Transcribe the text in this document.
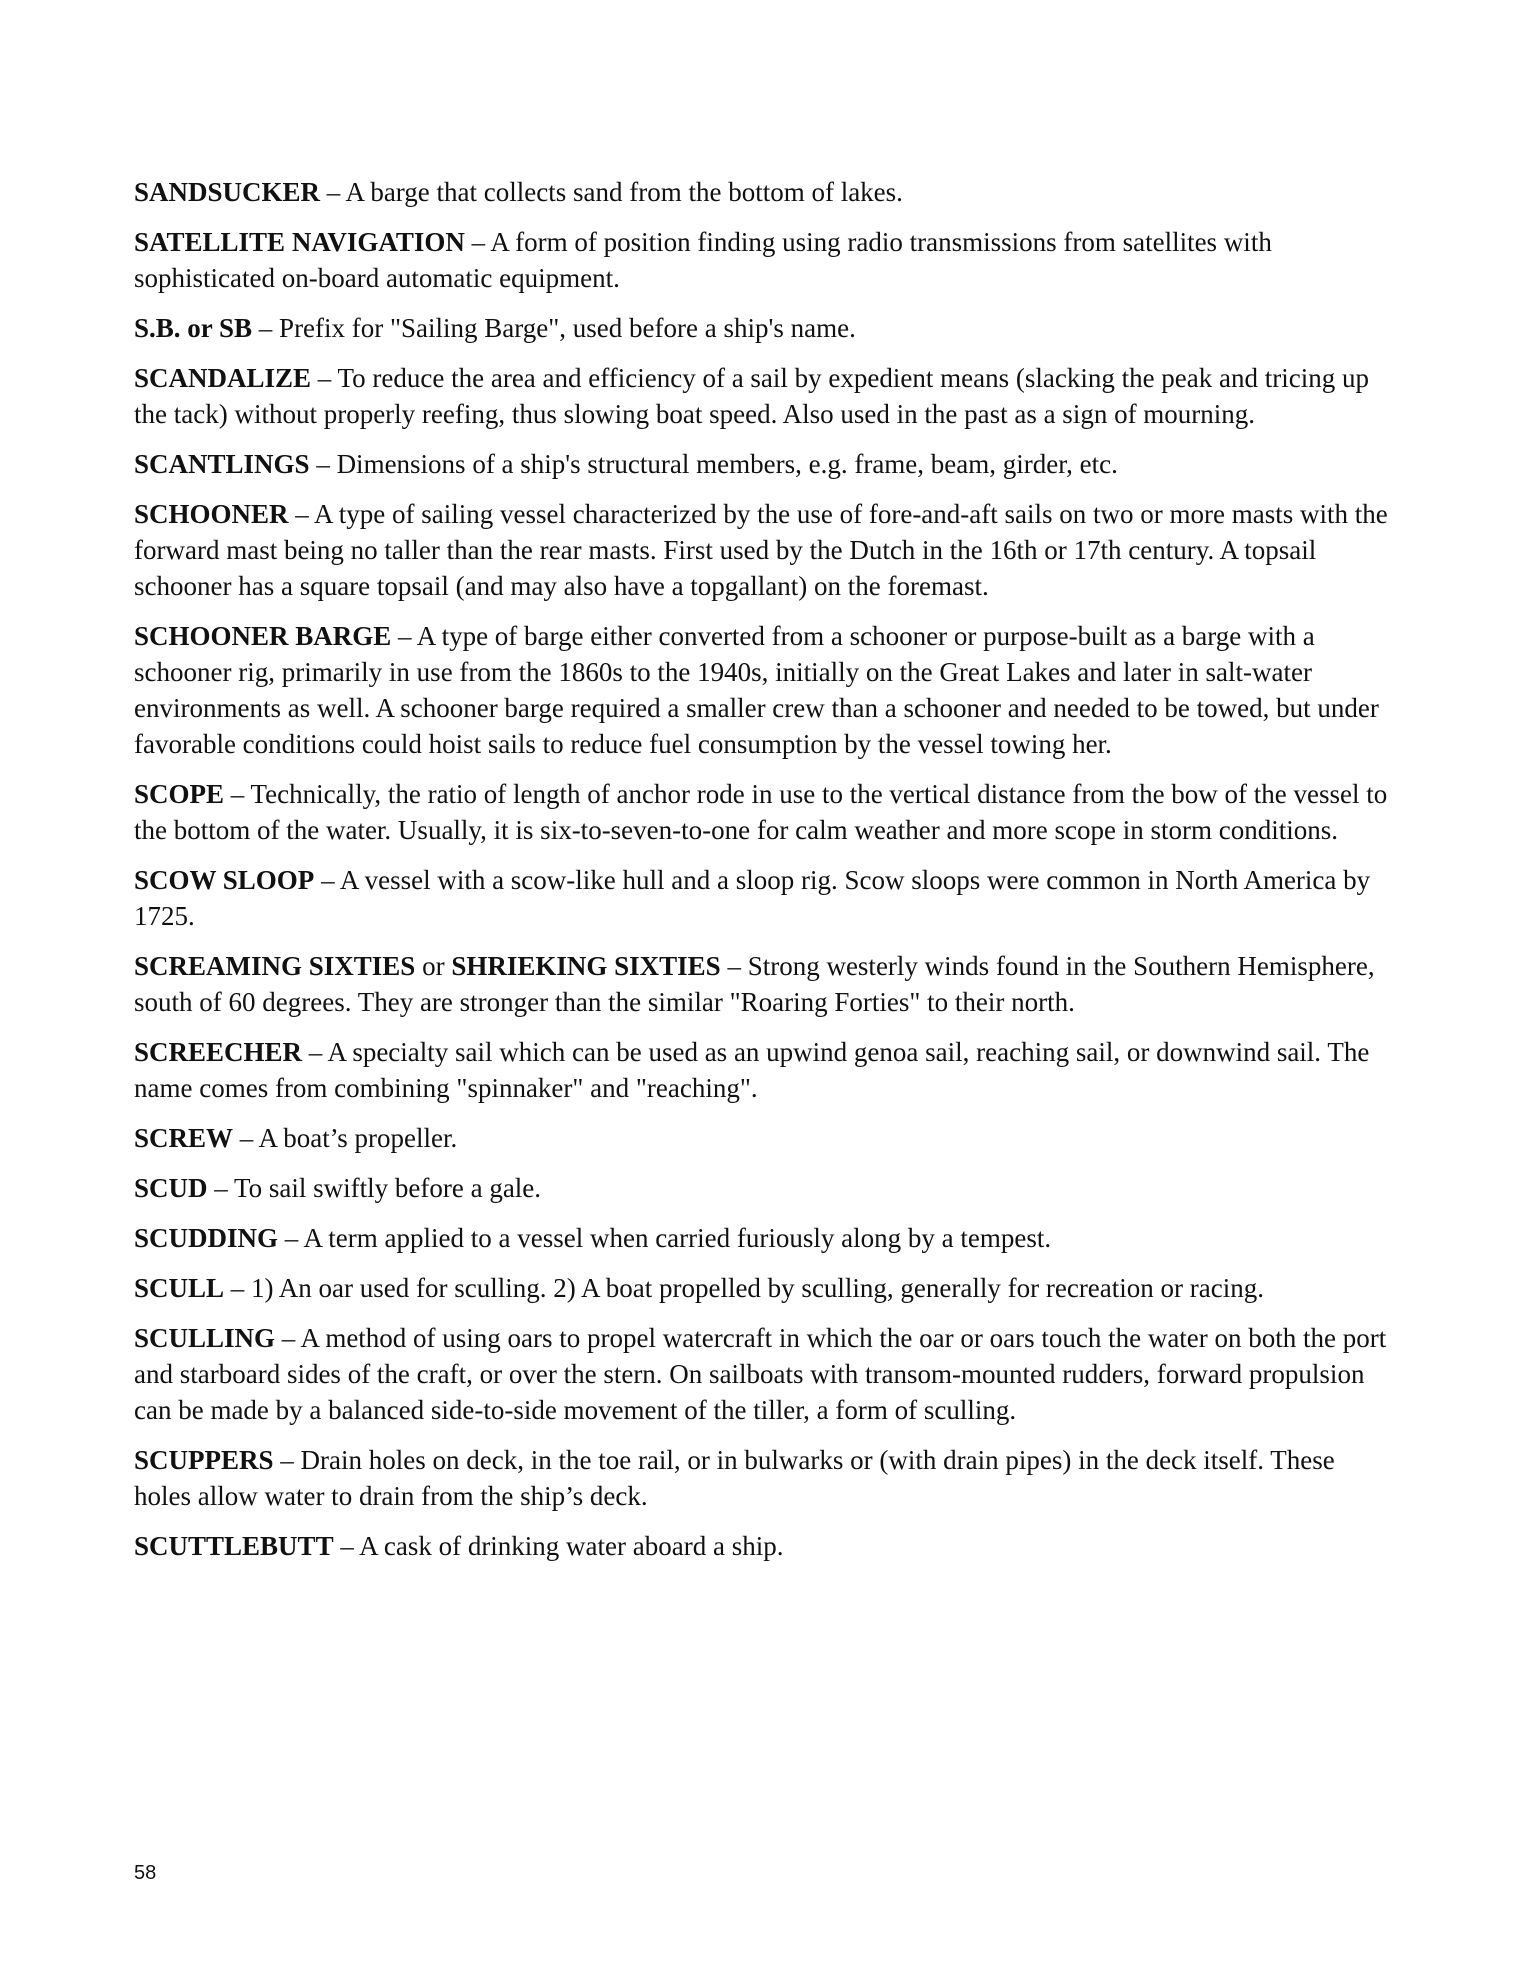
SANDSUCKER – A barge that collects sand from the bottom of lakes.

SATELLITE NAVIGATION – A form of position finding using radio transmissions from satellites with sophisticated on-board automatic equipment.

S.B. or SB – Prefix for "Sailing Barge", used before a ship's name.

SCANDALIZE – To reduce the area and efficiency of a sail by expedient means (slacking the peak and tricing up the tack) without properly reefing, thus slowing boat speed. Also used in the past as a sign of mourning.

SCANTLINGS – Dimensions of a ship's structural members, e.g. frame, beam, girder, etc.

SCHOONER – A type of sailing vessel characterized by the use of fore-and-aft sails on two or more masts with the forward mast being no taller than the rear masts. First used by the Dutch in the 16th or 17th century. A topsail schooner has a square topsail (and may also have a topgallant) on the foremast.

SCHOONER BARGE – A type of barge either converted from a schooner or purpose-built as a barge with a schooner rig, primarily in use from the 1860s to the 1940s, initially on the Great Lakes and later in salt-water environments as well. A schooner barge required a smaller crew than a schooner and needed to be towed, but under favorable conditions could hoist sails to reduce fuel consumption by the vessel towing her.

SCOPE – Technically, the ratio of length of anchor rode in use to the vertical distance from the bow of the vessel to the bottom of the water. Usually, it is six-to-seven-to-one for calm weather and more scope in storm conditions.

SCOW SLOOP – A vessel with a scow-like hull and a sloop rig. Scow sloops were common in North America by 1725.

SCREAMING SIXTIES or SHRIEKING SIXTIES – Strong westerly winds found in the Southern Hemisphere, south of 60 degrees. They are stronger than the similar "Roaring Forties" to their north.

SCREECHER – A specialty sail which can be used as an upwind genoa sail, reaching sail, or downwind sail. The name comes from combining "spinnaker" and "reaching".

SCREW – A boat’s propeller.

SCUD – To sail swiftly before a gale.

SCUDDING – A term applied to a vessel when carried furiously along by a tempest.

SCULL – 1) An oar used for sculling. 2) A boat propelled by sculling, generally for recreation or racing.

SCULLING – A method of using oars to propel watercraft in which the oar or oars touch the water on both the port and starboard sides of the craft, or over the stern. On sailboats with transom-mounted rudders, forward propulsion can be made by a balanced side-to-side movement of the tiller, a form of sculling.

SCUPPERS – Drain holes on deck, in the toe rail, or in bulwarks or (with drain pipes) in the deck itself. These holes allow water to drain from the ship’s deck.

SCUTTLEBUTT – A cask of drinking water aboard a ship.

58
